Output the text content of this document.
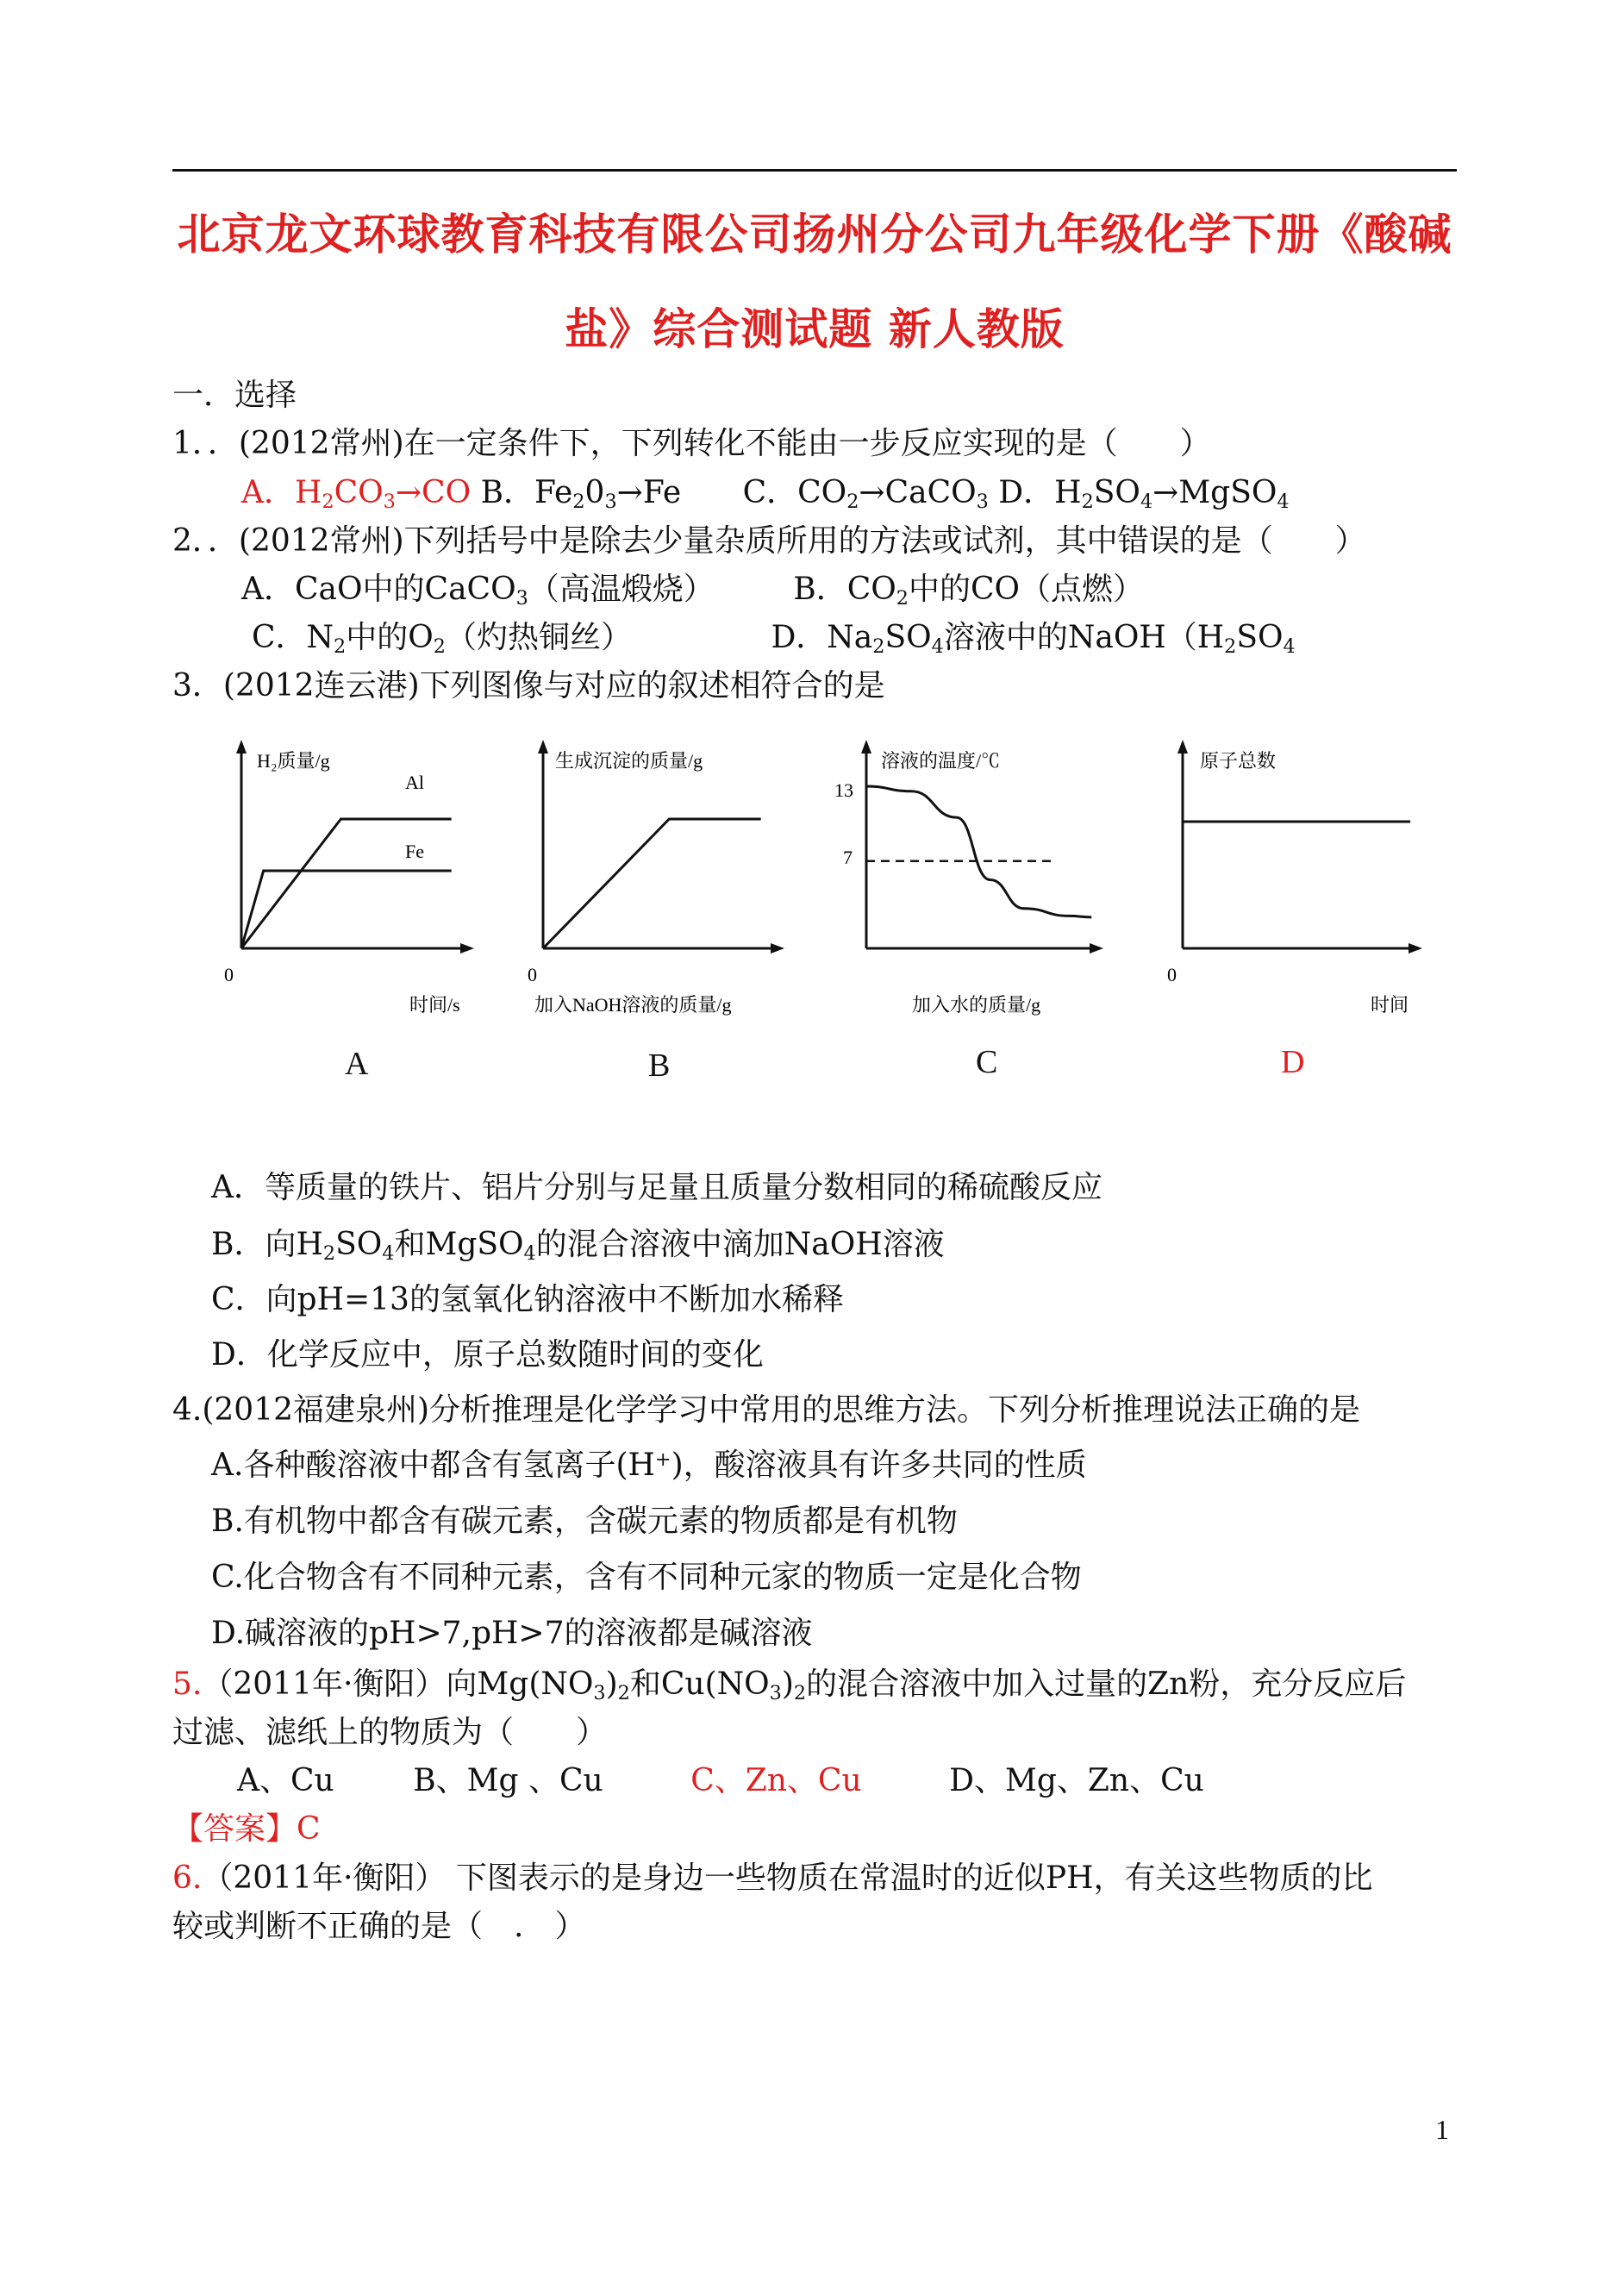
北京龙文环球教育科技有限公司扬州分公司九年级化学下册《酸碱
盐》综合测试题 新人教版
一．选择
1．．(2012常州)在一定条件下，下列转化不能由一步反应实现的是（　　）
A．$H_2CO_3\to CO$ B．$Fe_20_3\to Fe$ C．$CO_2\to CaCO_3$ D．$H_2SO_4\to MgSO_4$
2．．(2012常州)下列括号中是除去少量杂质所用的方法或试剂，其中错误的是（　　）
A．CaO中的CaCO$_3$（高温煅烧）	B．$CO_2$中的CO（点燃）
C．$N_2$中的$O_2$（灼热铜丝）	D．$Na_2SO_4$溶液中的$NaOH(H_2SO_4$
3．(2012连云港)下列图像与对应的叙述相符合的是
H₂质量/g
0
时间/s
Al
Fe
A
生成沉淀的质量/g
0
加入NaOH溶液的质量/g
B
溶液的温度/℃
13
7
加入水的质量/g
C
原子总数
0
时间
D
A．等质量的铁片、铝片分别与足量且质量分数相同的稀硫酸反应
B．向$H_2SO_4$和MgSO$_4$的混合溶液中滴加NaOH溶液
C．向pH=13的氢氧化钠溶液中不断加水稀释
D．化学反应中，原子总数随时间的变化
4.(2012福建泉州)分析推理是化学学习中常用的思维方法。下列分析推理说法正确的是
A.各种酸溶液中都含有氢离子(H+)，酸溶液具有许多共同的性质
B.有机物中都含有碳元素，含碳元素的物质都是有机物
C.化合物含有不同种元素，含有不同种元家的物质一定是化合物
D.碱溶液的pH>7,pH>7的溶液都是碱溶液
5.（2011年·衡阳）向$Mg(NO_3)_2$和$Cu(NO_3)_2$的混合溶液中加入过量的Zn粉，充分反应后
过滤、滤纸上的物质为（　　）
A、Cu	B、Mg 、Cu	C、Zn、Cu	D、Mg、Zn、Cu
【答案】C
6.（2011年·衡阳） 下图表示的是身边一些物质在常温时的近似PH，有关这些物质的比
较或判断不正确的是（　.　）
1
